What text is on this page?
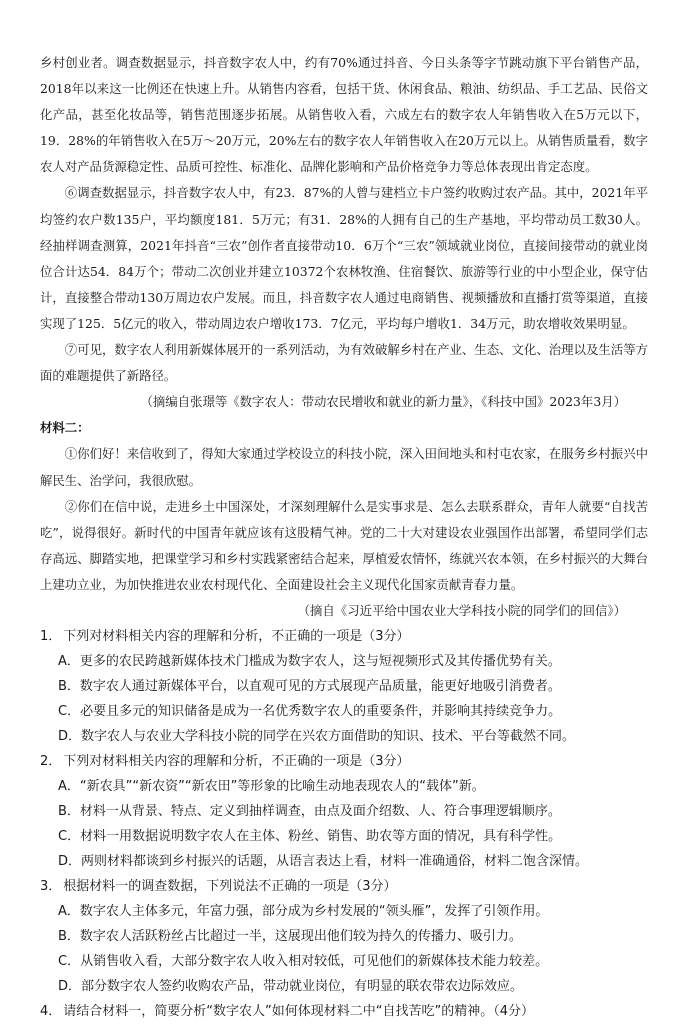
乡村创业者。调查数据显示，抖音数字农人中，约有70%通过抖音、今日头条等字节跳动旗下平台销售产品，2018年以来这一比例还在快速上升。从销售内容看，包括干货、休闲食品、粮油、纺织品、手工艺品、民俗文化产品，甚至化妆品等，销售范围逐步拓展。从销售收入看，六成左右的数字农人年销售收入在5万元以下，19．28%的年销售收入在5万～20万元，20%左右的数字农人年销售收入在20万元以上。从销售质量看，数字农人对产品货源稳定性、品质可控性、标准化、品牌化影响和产品价格竞争力等总体表现出肯定态度。

⑥调查数据显示，抖音数字农人中，有23．87%的人曾与建档立卡户签约收购过农产品。其中，2021年平均签约农户数135户，平均额度181．5万元；有31．28%的人拥有自己的生产基地，平均带动员工数30人。经抽样调查测算，2021年抖音“三农”创作者直接带动10．6万个“三农”领域就业岗位，直接间接带动的就业岗位合计达54．84万个；带动二次创业并建立10372个农林牧渔、住宿餐饮、旅游等行业的中小型企业，保守估计，直接整合带动130万周边农户发展。而且，抖音数字农人通过电商销售、视频播放和直播打赏等渠道，直接实现了125．5亿元的收入，带动周边农户增收173．7亿元，平均每户增收1．34万元，助农增收效果明显。

⑦可见，数字农人利用新媒体展开的一系列活动，为有效破解乡村在产业、生态、文化、治理以及生活等方面的难题提供了新路径。

（摘编自张璟等《数字农人：带动农民增收和就业的新力量》，《科技中国》2023年3月）

材料二：

①你们好！来信收到了，得知大家通过学校设立的科技小院，深入田间地头和村屯农家，在服务乡村振兴中解民生、治学问，我很欣慰。

②你们在信中说，走进乡土中国深处，才深刻理解什么是实事求是、怎么去联系群众，青年人就要“自找苦吃”，说得很好。新时代的中国青年就应该有这股精气神。党的二十大对建设农业强国作出部署，希望同学们志存高远、脚踏实地，把课堂学习和乡村实践紧密结合起来，厚植爱农情怀，练就兴农本领，在乡村振兴的大舞台上建功立业，为加快推进农业农村现代化、全面建设社会主义现代化国家贡献青春力量。

（摘自《习近平给中国农业大学科技小院的同学们的回信》）

1． 下列对材料相关内容的理解和分析，不正确的一项是（3分）

A．更多的农民跨越新媒体技术门槛成为数字农人，这与短视频形式及其传播优势有关。

B．数字农人通过新媒体平台，以直观可见的方式展现产品质量，能更好地吸引消费者。

C．必要且多元的知识储备是成为一名优秀数字农人的重要条件，并影响其持续竞争力。

D．数字农人与农业大学科技小院的同学在兴农方面借助的知识、技术、平台等截然不同。

2． 下列对材料相关内容的理解和分析，不正确的一项是（3分）

A．“新农具”“新农资”“新农田”等形象的比喻生动地表现农人的“载体”新。

B．材料一从背景、特点、定义到抽样调查，由点及面介绍数、人、符合事理逻辑顺序。

C．材料一用数据说明数字农人在主体、粉丝、销售、助农等方面的情况，具有科学性。

D．两则材料都谈到乡村振兴的话题，从语言表达上看，材料一准确通俗，材料二饱含深情。

3． 根据材料一的调查数据，下列说法不正确的一项是（3分）

A．数字农人主体多元，年富力强，部分成为乡村发展的“领头雁”，发挥了引领作用。

B．数字农人活跃粉丝占比超过一半，这展现出他们较为持久的传播力、吸引力。

C．从销售收入看，大部分数字农人收入相对较低，可见他们的新媒体技术能力较差。

D．部分数字农人签约收购农产品，带动就业岗位，有明显的联农带农边际效应。

4． 请结合材料一，简要分析“数字农人”如何体现材料二中“自找苦吃”的精神。（4分）
